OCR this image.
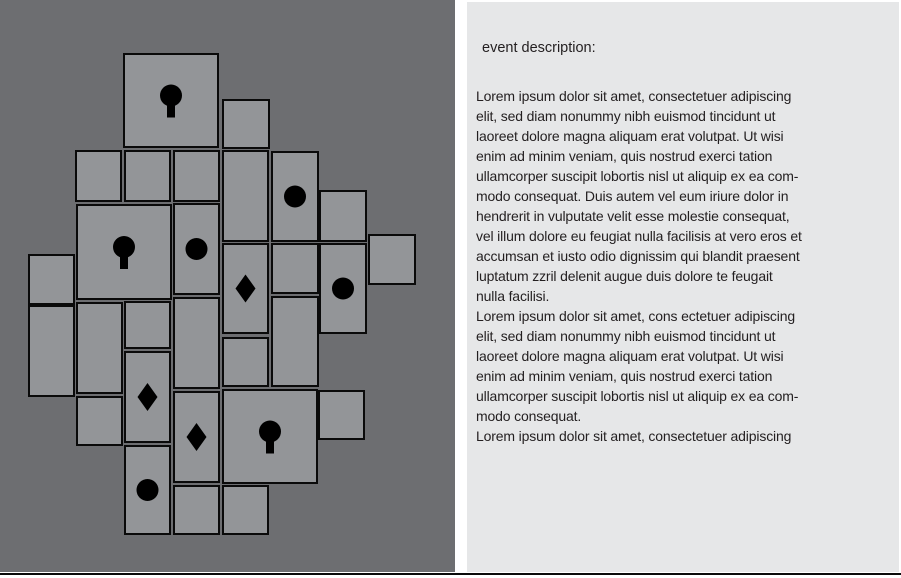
event description:

Lorem ipsum dolor sit amet, consectetuer adipiscing
elit, sed diam nonummy nibh euismod tincidunt ut
laoreet dolore magna aliquam erat volutpat. Ut wisi
enim ad minim veniam, quis nostrud exerci tation
ullamcorper suscipit lobortis nisl ut aliquip ex ea com-
modo consequat. Duis autem vel eum iriure dolor in
hendrerit in vulputate velit esse molestie consequat,
vel illum dolore eu feugiat nulla facilisis at vero eros et
accumsan et iusto odio dignissim qui blandit praesent
luptatum zzril delenit augue duis dolore te feugait
nulla facilisi.
Lorem ipsum dolor sit amet, cons ectetuer adipiscing
elit, sed diam nonummy nibh euismod tincidunt ut
laoreet dolore magna aliquam erat volutpat. Ut wisi
enim ad minim veniam, quis nostrud exerci tation
ullamcorper suscipit lobortis nisl ut aliquip ex ea com-
modo consequat.
Lorem ipsum dolor sit amet, consectetuer adipiscing
